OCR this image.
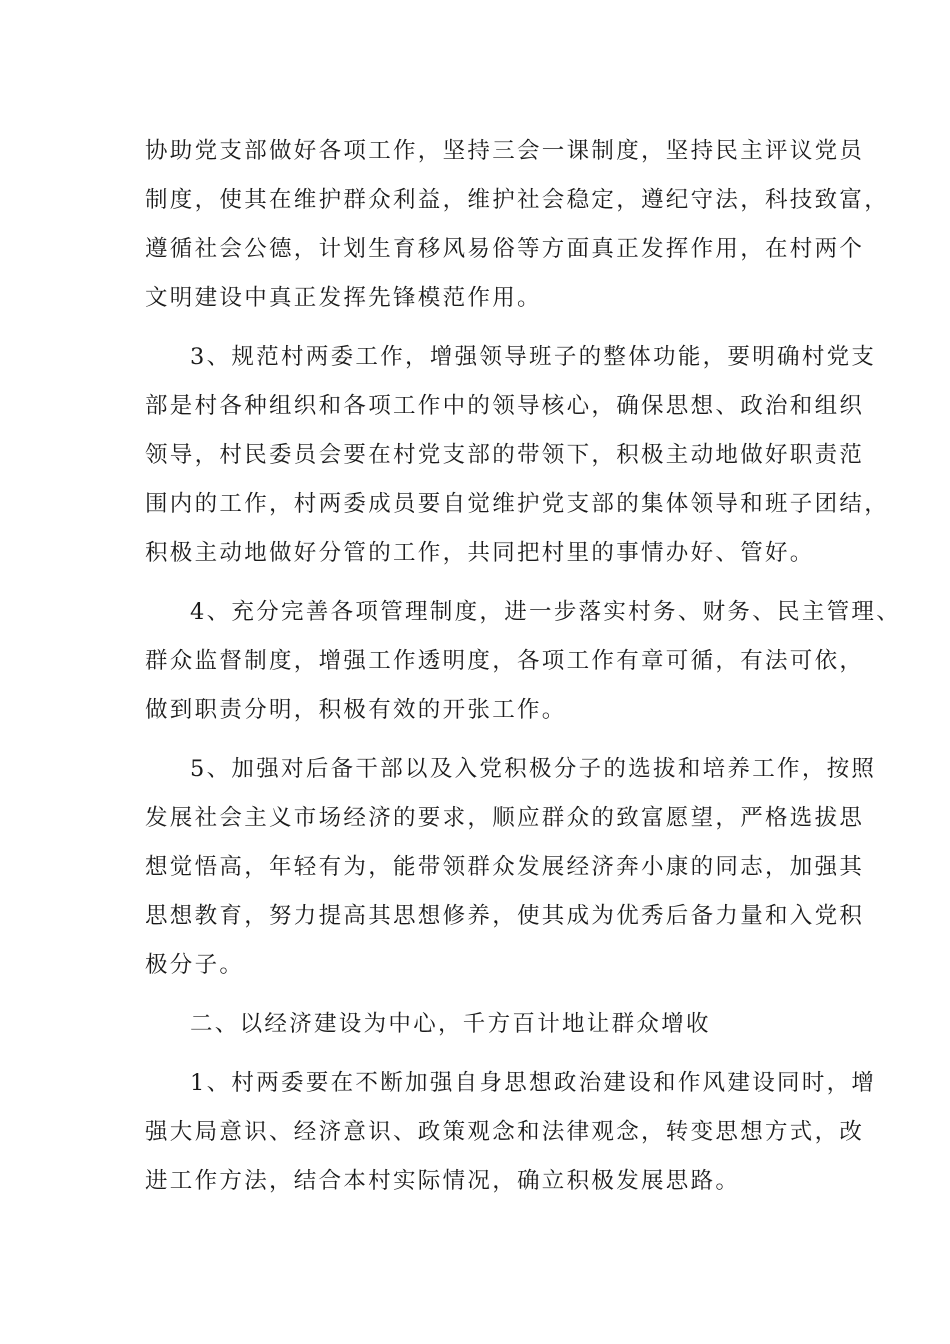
协助党支部做好各项工作，坚持三会一课制度，坚持民主评议党员
制度，使其在维护群众利益，维护社会稳定，遵纪守法，科技致富，
遵循社会公德，计划生育移风易俗等方面真正发挥作用，在村两个
文明建设中真正发挥先锋模范作用。
3、规范村两委工作，增强领导班子的整体功能，要明确村党支
部是村各种组织和各项工作中的领导核心，确保思想、政治和组织
领导，村民委员会要在村党支部的带领下，积极主动地做好职责范
围内的工作，村两委成员要自觉维护党支部的集体领导和班子团结，
积极主动地做好分管的工作，共同把村里的事情办好、管好。
4、充分完善各项管理制度，进一步落实村务、财务、民主管理、
群众监督制度，增强工作透明度，各项工作有章可循，有法可依，
做到职责分明，积极有效的开张工作。
5、加强对后备干部以及入党积极分子的选拔和培养工作，按照
发展社会主义市场经济的要求，顺应群众的致富愿望，严格选拔思
想觉悟高，年轻有为，能带领群众发展经济奔小康的同志，加强其
思想教育，努力提高其思想修养，使其成为优秀后备力量和入党积
极分子。
二、以经济建设为中心，千方百计地让群众增收
1、村两委要在不断加强自身思想政治建设和作风建设同时，增
强大局意识、经济意识、政策观念和法律观念，转变思想方式，改
进工作方法，结合本村实际情况，确立积极发展思路。
